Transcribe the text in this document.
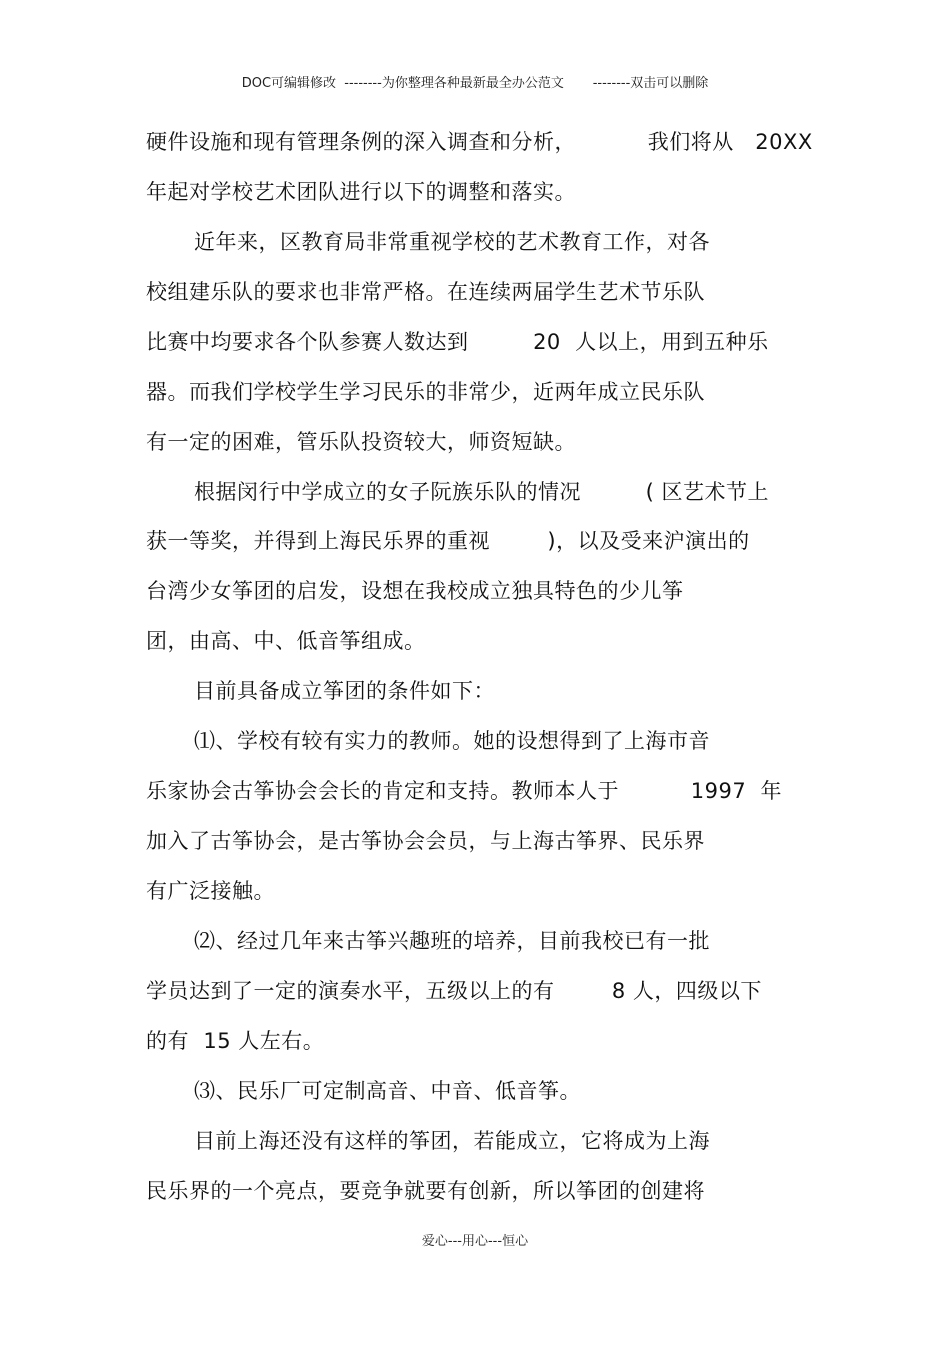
DOC可编辑修改  --------为你整理各种最新最全办公范文       --------双击可以删除
硬件设施和现有管理条例的深入调查和分析，          我们将从   20XX
年起对学校艺术团队进行以下的调整和落实。
近年来，区教育局非常重视学校的艺术教育工作，对各
校组建乐队的要求也非常严格。在连续两届学生艺术节乐队
比赛中均要求各个队参赛人数达到         20  人以上，用到五种乐
器。而我们学校学生学习民乐的非常少，近两年成立民乐队
有一定的困难，管乐队投资较大，师资短缺。
根据闵行中学成立的女子阮族乐队的情况         ( 区艺术节上
获一等奖，并得到上海民乐界的重视        )，以及受来沪演出的
台湾少女筝团的启发，设想在我校成立独具特色的少儿筝
团，由高、中、低音筝组成。
目前具备成立筝团的条件如下：
⑴、学校有较有实力的教师。她的设想得到了上海市音
乐家协会古筝协会会长的肯定和支持。教师本人于          1997  年
加入了古筝协会，是古筝协会会员，与上海古筝界、民乐界
有广泛接触。
⑵、经过几年来古筝兴趣班的培养，目前我校已有一批
学员达到了一定的演奏水平，五级以上的有        8 人，四级以下
的有  15 人左右。
⑶、民乐厂可定制高音、中音、低音筝。
目前上海还没有这样的筝团，若能成立，它将成为上海
民乐界的一个亮点，要竞争就要有创新，所以筝团的创建将
爱心---用心---恒心
